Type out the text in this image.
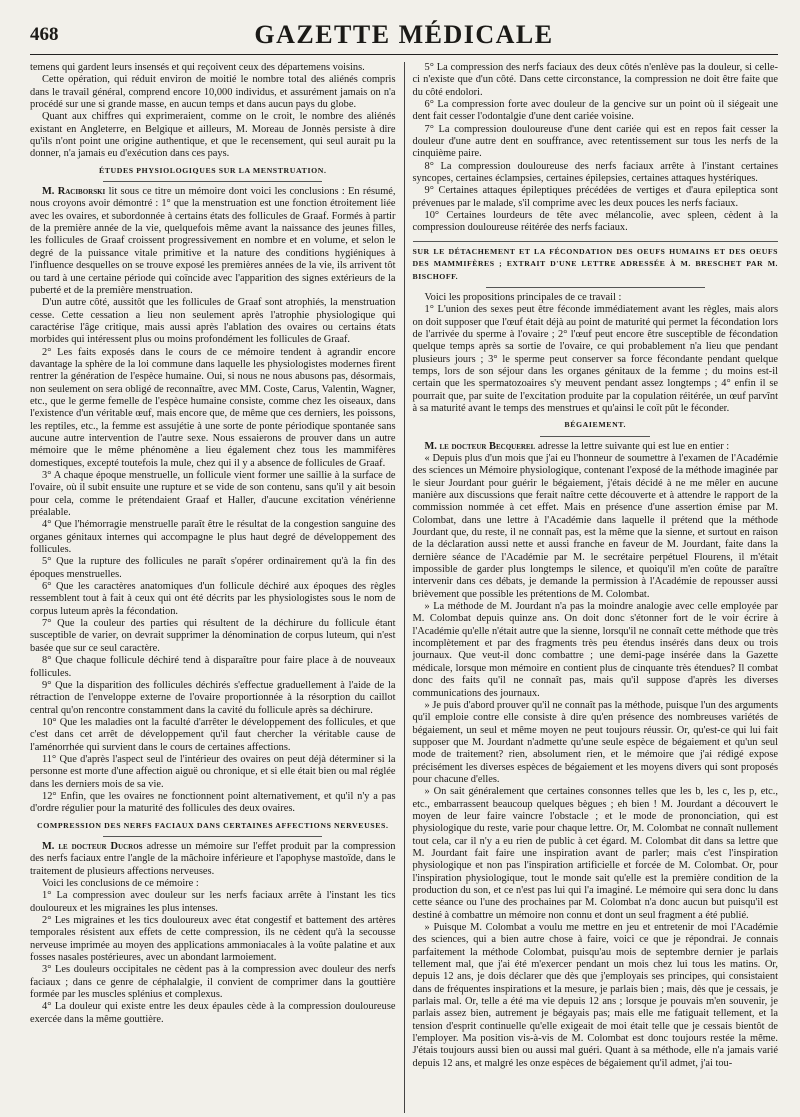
468	GAZETTE MÉDICALE

temens qui gardent leurs insensés et qui reçoivent ceux des départemens voisins.

Cette opération, qui réduit environ de moitié le nombre total des aliénés compris dans le travail général, comprend encore 10,000 individus, et assurément jamais on n'a procédé sur une si grande masse, en aucun temps et dans aucun pays du globe.

Quant aux chiffres qui exprimeraient, comme on le croit, le nombre des aliénés existant en Angleterre, en Belgique et ailleurs, M. Moreau de Jonnès persiste à dire qu'ils n'ont point une origine authentique, et que le recensement, qui seul aurait pu la donner, n'a jamais eu d'exécution dans ces pays.

ÉTUDES PHYSIOLOGIQUES SUR LA MENSTRUATION.

M. Raciborski lit sous ce titre un mémoire dont voici les conclusions : En résumé, nous croyons avoir démontré : 1° que la menstruation est une fonction étroitement liée avec les ovaires, et subordonnée à certains états des follicules de Graaf. Formés à partir de la première année de la vie, quelquefois même avant la naissance des jeunes filles, les follicules de Graaf croissent progressivement en nombre et en volume, et selon le degré de la puissance vitale primitive et la nature des conditions hygiéniques à l'influence desquelles on se trouve exposé les premières années de la vie, ils arrivent tôt ou tard à une certaine période qui coïncide avec l'apparition des signes extérieurs de la puberté et de la première menstruation.

D'un autre côté, aussitôt que les follicules de Graaf sont atrophiés, la menstruation cesse. Cette cessation a lieu non seulement après l'atrophie physiologique qui caractérise l'âge critique, mais aussi après l'ablation des ovaires ou certains états morbides qui intéressent plus ou moins profondément les follicules de Graaf.

2° Les faits exposés dans le cours de ce mémoire tendent à agrandir encore davantage la sphère de la loi commune dans laquelle les physiologistes modernes firent rentrer la génération de l'espèce humaine. Oui, si nous ne nous abusons pas, désormais, non seulement on sera obligé de reconnaître, avec MM. Coste, Carus, Valentin, Wagner, etc., que le germe femelle de l'espèce humaine consiste, comme chez les oiseaux, dans l'existence d'un véritable œuf, mais encore que, de même que ces derniers, les poissons, les reptiles, etc., la femme est assujétie à une sorte de ponte périodique spontanée sans aucune autre intervention de l'autre sexe. Nous essaierons de prouver dans un autre mémoire que le même phénomène a lieu également chez tous les mammifères domestiques, excepté toutefois la mule, chez qui il y a absence de follicules de Graaf.

3° A chaque époque menstruelle, un follicule vient former une saillie à la surface de l'ovaire, où il subit ensuite une rupture et se vide de son contenu, sans qu'il y ait besoin pour cela, comme le prétendaient Graaf et Haller, d'aucune excitation vénérienne préalable.

4° Que l'hémorragie menstruelle paraît être le résultat de la congestion sanguine des organes génitaux internes qui accompagne le plus haut degré de développement des follicules.

5° Que la rupture des follicules ne paraît s'opérer ordinairement qu'à la fin des époques menstruelles.

6° Que les caractères anatomiques d'un follicule déchiré aux époques des règles ressemblent tout à fait à ceux qui ont été décrits par les physiologistes sous le nom de corpus luteum après la fécondation.

7° Que la couleur des parties qui résultent de la déchirure du follicule étant susceptible de varier, on devrait supprimer la dénomination de corpus luteum, qui n'est basée que sur ce seul caractère.

8° Que chaque follicule déchiré tend à disparaître pour faire place à de nouveaux follicules.

9° Que la disparition des follicules déchirés s'effectue graduellement à l'aide de la rétraction de l'enveloppe externe de l'ovaire proportionnée à la résorption du caillot central qu'on rencontre constamment dans la cavité du follicule après sa déchirure.

10° Que les maladies ont la faculté d'arrêter le développement des follicules, et que c'est dans cet arrêt de développement qu'il faut chercher la véritable cause de l'aménorrhée qui survient dans le cours de certaines affections.

11° Que d'après l'aspect seul de l'intérieur des ovaires on peut déjà déterminer si la personne est morte d'une affection aiguë ou chronique, et si elle était bien ou mal réglée dans les derniers mois de sa vie.

12° Enfin, que les ovaires ne fonctionnent point alternativement, et qu'il n'y a pas d'ordre régulier pour la maturité des follicules des deux ovaires.

COMPRESSION DES NERFS FACIAUX DANS CERTAINES AFFECTIONS NERVEUSES.

M. le docteur Ducros adresse un mémoire sur l'effet produit par la compression des nerfs faciaux entre l'angle de la mâchoire inférieure et l'apophyse mastoïde, dans le traitement de plusieurs affections nerveuses.

Voici les conclusions de ce mémoire :

1° La compression avec douleur sur les nerfs faciaux arrête à l'instant les tics douloureux et les migraines les plus intenses.

2° Les migraines et les tics douloureux avec état congestif et battement des artères temporales résistent aux effets de cette compression, ils ne cèdent qu'à la secousse nerveuse imprimée au moyen des applications ammoniacales à la voûte palatine et aux fosses nasales postérieures, avec un abondant larmoiement.

3° Les douleurs occipitales ne cèdent pas à la compression avec douleur des nerfs faciaux ; dans ce genre de céphalalgie, il convient de comprimer dans la gouttière formée par les muscles splénius et complexus.

4° La douleur qui existe entre les deux épaules cède à la compression douloureuse exercée dans la même gouttière.

5° La compression des nerfs faciaux des deux côtés n'enlève pas la douleur, si celle-ci n'existe que d'un côté. Dans cette circonstance, la compression ne doit être faite que du côté endolori.

6° La compression forte avec douleur de la gencive sur un point où il siégeait une dent fait cesser l'odontalgie d'une dent cariée voisine.

7° La compression douloureuse d'une dent cariée qui est en repos fait cesser la douleur d'une autre dent en souffrance, avec retentissement sur tous les nerfs de la cinquième paire.

8° La compression douloureuse des nerfs faciaux arrête à l'instant certaines syncopes, certaines éclampsies, certaines épilepsies, certaines attaques hystériques.

9° Certaines attaques épileptiques précédées de vertiges et d'aura epileptica sont prévenues par le malade, s'il comprime avec les deux pouces les nerfs faciaux.

10° Certaines lourdeurs de tête avec mélancolie, avec spleen, cèdent à la compression douloureuse réitérée des nerfs faciaux.

SUR LE DÉTACHEMENT ET LA FÉCONDATION DES OEUFS HUMAINS ET DES OEUFS DES MAMMIFÈRES ; EXTRAIT D'UNE LETTRE ADRESSÉE À M. BRESCHET PAR M. BISCHOFF.

Voici les propositions principales de ce travail :

1° L'union des sexes peut être féconde immédiatement avant les règles, mais alors on doit supposer que l'œuf était déjà au point de maturité qui permet la fécondation lors de l'arrivée du sperme à l'ovaire ; 2° l'œuf peut encore être susceptible de fécondation quelque temps après sa sortie de l'ovaire, ce qui probablement n'a lieu que pendant plusieurs jours ; 3° le sperme peut conserver sa force fécondante pendant quelque temps, lors de son séjour dans les organes génitaux de la femme ; du moins est-il certain que les spermatozoaires s'y meuvent pendant assez longtemps ; 4° enfin il se pourrait que, par suite de l'excitation produite par la copulation réitérée, un œuf parvînt à sa maturité avant le temps des menstrues et qu'ainsi le coït pût le féconder.

BÉGAIEMENT.

M. le docteur Becquerel adresse la lettre suivante qui est lue en entier :

« Depuis plus d'un mois que j'ai eu l'honneur de soumettre à l'examen de l'Académie des sciences un Mémoire physiologique, contenant l'exposé de la méthode imaginée par le sieur Jourdant pour guérir le bégaiement, j'étais décidé à ne me mêler en aucune manière aux discussions que ferait naître cette découverte et à attendre le rapport de la commission nommée à cet effet. Mais en présence d'une assertion émise par M. Colombat, dans une lettre à l'Académie dans laquelle il prétend que la méthode Jourdant que, du reste, il ne connaît pas, est la même que la sienne, et surtout en raison de la déclaration aussi nette et aussi franche en faveur de M. Jourdant, faite dans la dernière séance de l'Académie par M. le secrétaire perpétuel Flourens, il m'était impossible de garder plus longtemps le silence, et quoiqu'il m'en coûte de paraître intervenir dans ces débats, je demande la permission à l'Académie de repousser aussi brièvement que possible les prétentions de M. Colombat.

» La méthode de M. Jourdant n'a pas la moindre analogie avec celle employée par M. Colombat depuis quinze ans. On doit donc s'étonner fort de le voir écrire à l'Académie qu'elle n'était autre que la sienne, lorsqu'il ne connaît cette méthode que très incomplètement et par des fragments très peu étendus insérés dans deux ou trois journaux. Que veut-il donc combattre ; une demi-page insérée dans la Gazette médicale, lorsque mon mémoire en contient plus de cinquante très étendues? Il combat donc des faits qu'il ne connaît pas, mais qu'il suppose d'après les diverses communications des journaux.

» Je puis d'abord prouver qu'il ne connaît pas la méthode, puisque l'un des arguments qu'il emploie contre elle consiste à dire qu'en présence des nombreuses variétés de bégaiement, un seul et même moyen ne peut toujours réussir. Or, qu'est-ce qui lui fait supposer que M. Jourdant n'admette qu'une seule espèce de bégaiement et qu'un seul mode de traitement? rien, absolument rien, et le mémoire que j'ai rédigé expose précisément les diverses espèces de bégaiement et les moyens divers qui sont proposés pour chacune d'elles.

» On sait généralement que certaines consonnes telles que les b, les c, les p, etc., etc., embarrassent beaucoup quelques bègues ; eh bien ! M. Jourdant a découvert le moyen de leur faire vaincre l'obstacle ; et le mode de prononciation, qui est physiologique du reste, varie pour chaque lettre. Or, M. Colombat ne connaît nullement tout cela, car il n'y a eu rien de public à cet égard. M. Colombat dit dans sa lettre que M. Jourdant fait faire une inspiration avant de parler; mais c'est l'inspiration physiologique et non pas l'inspiration artificielle et forcée de M. Colombat. Or, pour l'inspiration physiologique, tout le monde sait qu'elle est la première condition de la production du son, et ce n'est pas lui qui l'a imaginé. Le mémoire qui sera donc lu dans cette séance ou l'une des prochaines par M. Colombat n'a donc aucun but puisqu'il est destiné à combattre un mémoire non connu et dont un seul fragment a été publié.

» Puisque M. Colombat a voulu me mettre en jeu et entretenir de moi l'Académie des sciences, qui a bien autre chose à faire, voici ce que je répondrai. Je connais parfaitement la méthode Colombat, puisqu'au mois de septembre dernier je parlais tellement mal, que j'ai été m'exercer pendant un mois chez lui tous les matins. Or, depuis 12 ans, je dois déclarer que dès que j'employais ses principes, qui consistaient dans de fréquentes inspirations et la mesure, je parlais bien ; mais, dès que je cessais, je parlais mal. Or, telle a été ma vie depuis 12 ans ; lorsque je pouvais m'en souvenir, je parlais assez bien, autrement je bégayais pas; mais elle me fatiguait tellement, et la tension d'esprit continuelle qu'elle exigeait de moi était telle que je cessais bientôt de l'employer. Ma position vis-à-vis de M. Colombat est donc toujours restée la même. J'étais toujours aussi bien ou aussi mal guéri. Quant à sa méthode, elle n'a jamais varié depuis 12 ans, et malgré les onze espèces de bégaiement qu'il admet, j'ai tou-
